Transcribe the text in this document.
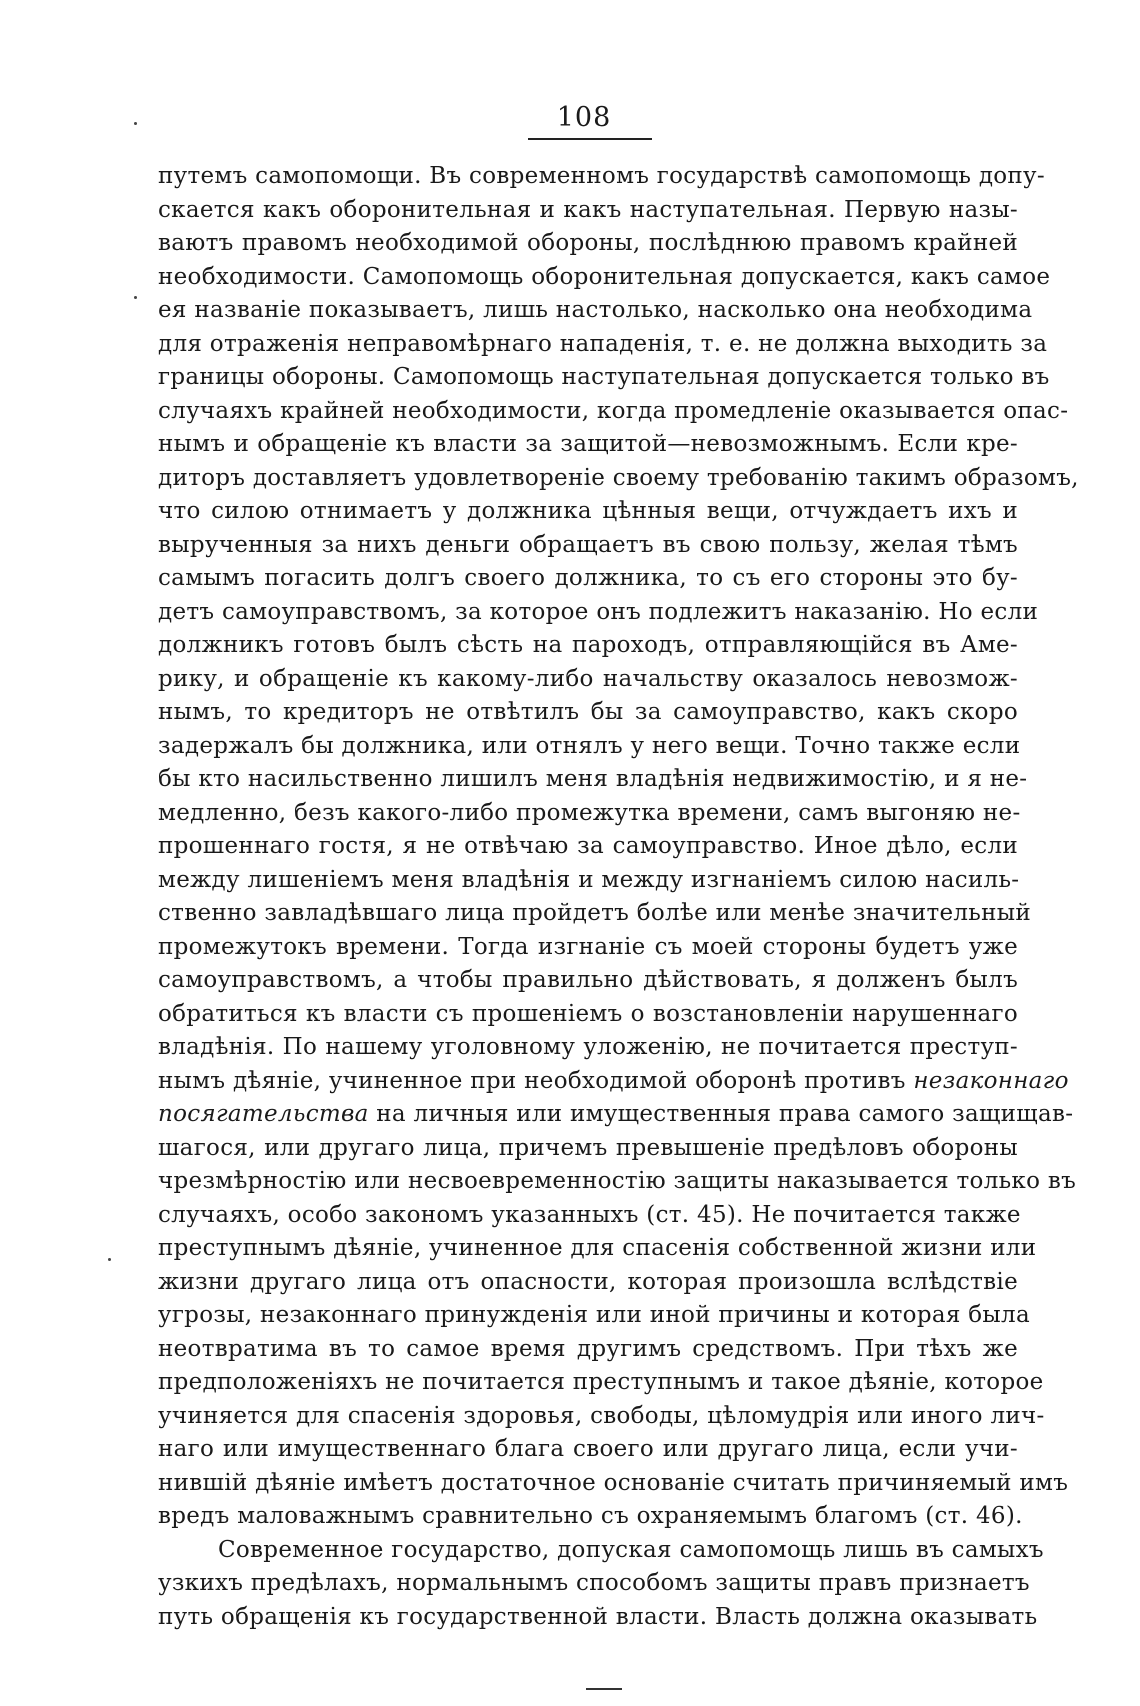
108
путемъ самопомощи. Въ современномъ государствѣ самопомощь допу-
скается какъ оборонительная и какъ наступательная. Первую назы-
ваютъ правомъ необходимой обороны, послѣднюю правомъ крайней
необходимости. Самопомощь оборонительная допускается, какъ самое
ея названіе показываетъ, лишь настолько, насколько она необходима
для отраженія неправомѣрнаго нападенія, т. е. не должна выходить за
границы обороны. Самопомощь наступательная допускается только въ
случаяхъ крайней необходимости, когда промедленіе оказывается опас-
нымъ и обращеніе къ власти за защитой—невозможнымъ. Если кре-
диторъ доставляетъ удовлетвореніе своему требованію такимъ образомъ,
что силою отнимаетъ у должника цѣнныя вещи, отчуждаетъ ихъ и
вырученныя за нихъ деньги обращаетъ въ свою пользу, желая тѣмъ
самымъ погасить долгъ своего должника, то съ его стороны это бу-
детъ самоуправствомъ, за которое онъ подлежитъ наказанію. Но если
должникъ готовъ былъ сѣсть на пароходъ, отправляющійся въ Аме-
рику, и обращеніе къ какому-либо начальству оказалось невозмож-
нымъ, то кредиторъ не отвѣтилъ бы за самоуправство, какъ скоро
задержалъ бы должника, или отнялъ у него вещи. Точно также если
бы кто насильственно лишилъ меня владѣнія недвижимостію, и я не-
медленно, безъ какого-либо промежутка времени, самъ выгоняю не-
прошеннаго гостя, я не отвѣчаю за самоуправство. Иное дѣло, если
между лишеніемъ меня владѣнія и между изгнаніемъ силою насиль-
ственно завладѣвшаго лица пройдетъ болѣе или менѣе значительный
промежутокъ времени. Тогда изгнаніе съ моей стороны будетъ уже
самоуправствомъ, а чтобы правильно дѣйствовать, я долженъ былъ
обратиться къ власти съ прошеніемъ о возстановленіи нарушеннаго
владѣнія. По нашему уголовному уложенію, не почитается преступ-
нымъ дѣяніе, учиненное при необходимой оборонѣ противъ незаконнаго
посягательства на личныя или имущественныя права самого защищав-
шагося, или другаго лица, причемъ превышеніе предѣловъ обороны
чрезмѣрностію или несвоевременностію защиты наказывается только въ
случаяхъ, особо закономъ указанныхъ (ст. 45). Не почитается также
преступнымъ дѣяніе, учиненное для спасенія собственной жизни или
жизни другаго лица отъ опасности, которая произошла вслѣдствіе
угрозы, незаконнаго принужденія или иной причины и которая была
неотвратима въ то самое время другимъ средствомъ. При тѣхъ же
предположеніяхъ не почитается преступнымъ и такое дѣяніе, которое
учиняется для спасенія здоровья, свободы, цѣломудрія или иного лич-
наго или имущественнаго блага своего или другаго лица, если учи-
нившій дѣяніе имѣетъ достаточное основаніе считать причиняемый имъ
вредъ маловажнымъ сравнительно съ охраняемымъ благомъ (ст. 46).
Современное государство, допуская самопомощь лишь въ самыхъ
узкихъ предѣлахъ, нормальнымъ способомъ защиты правъ признаетъ
путь обращенія къ государственной власти. Власть должна оказывать
